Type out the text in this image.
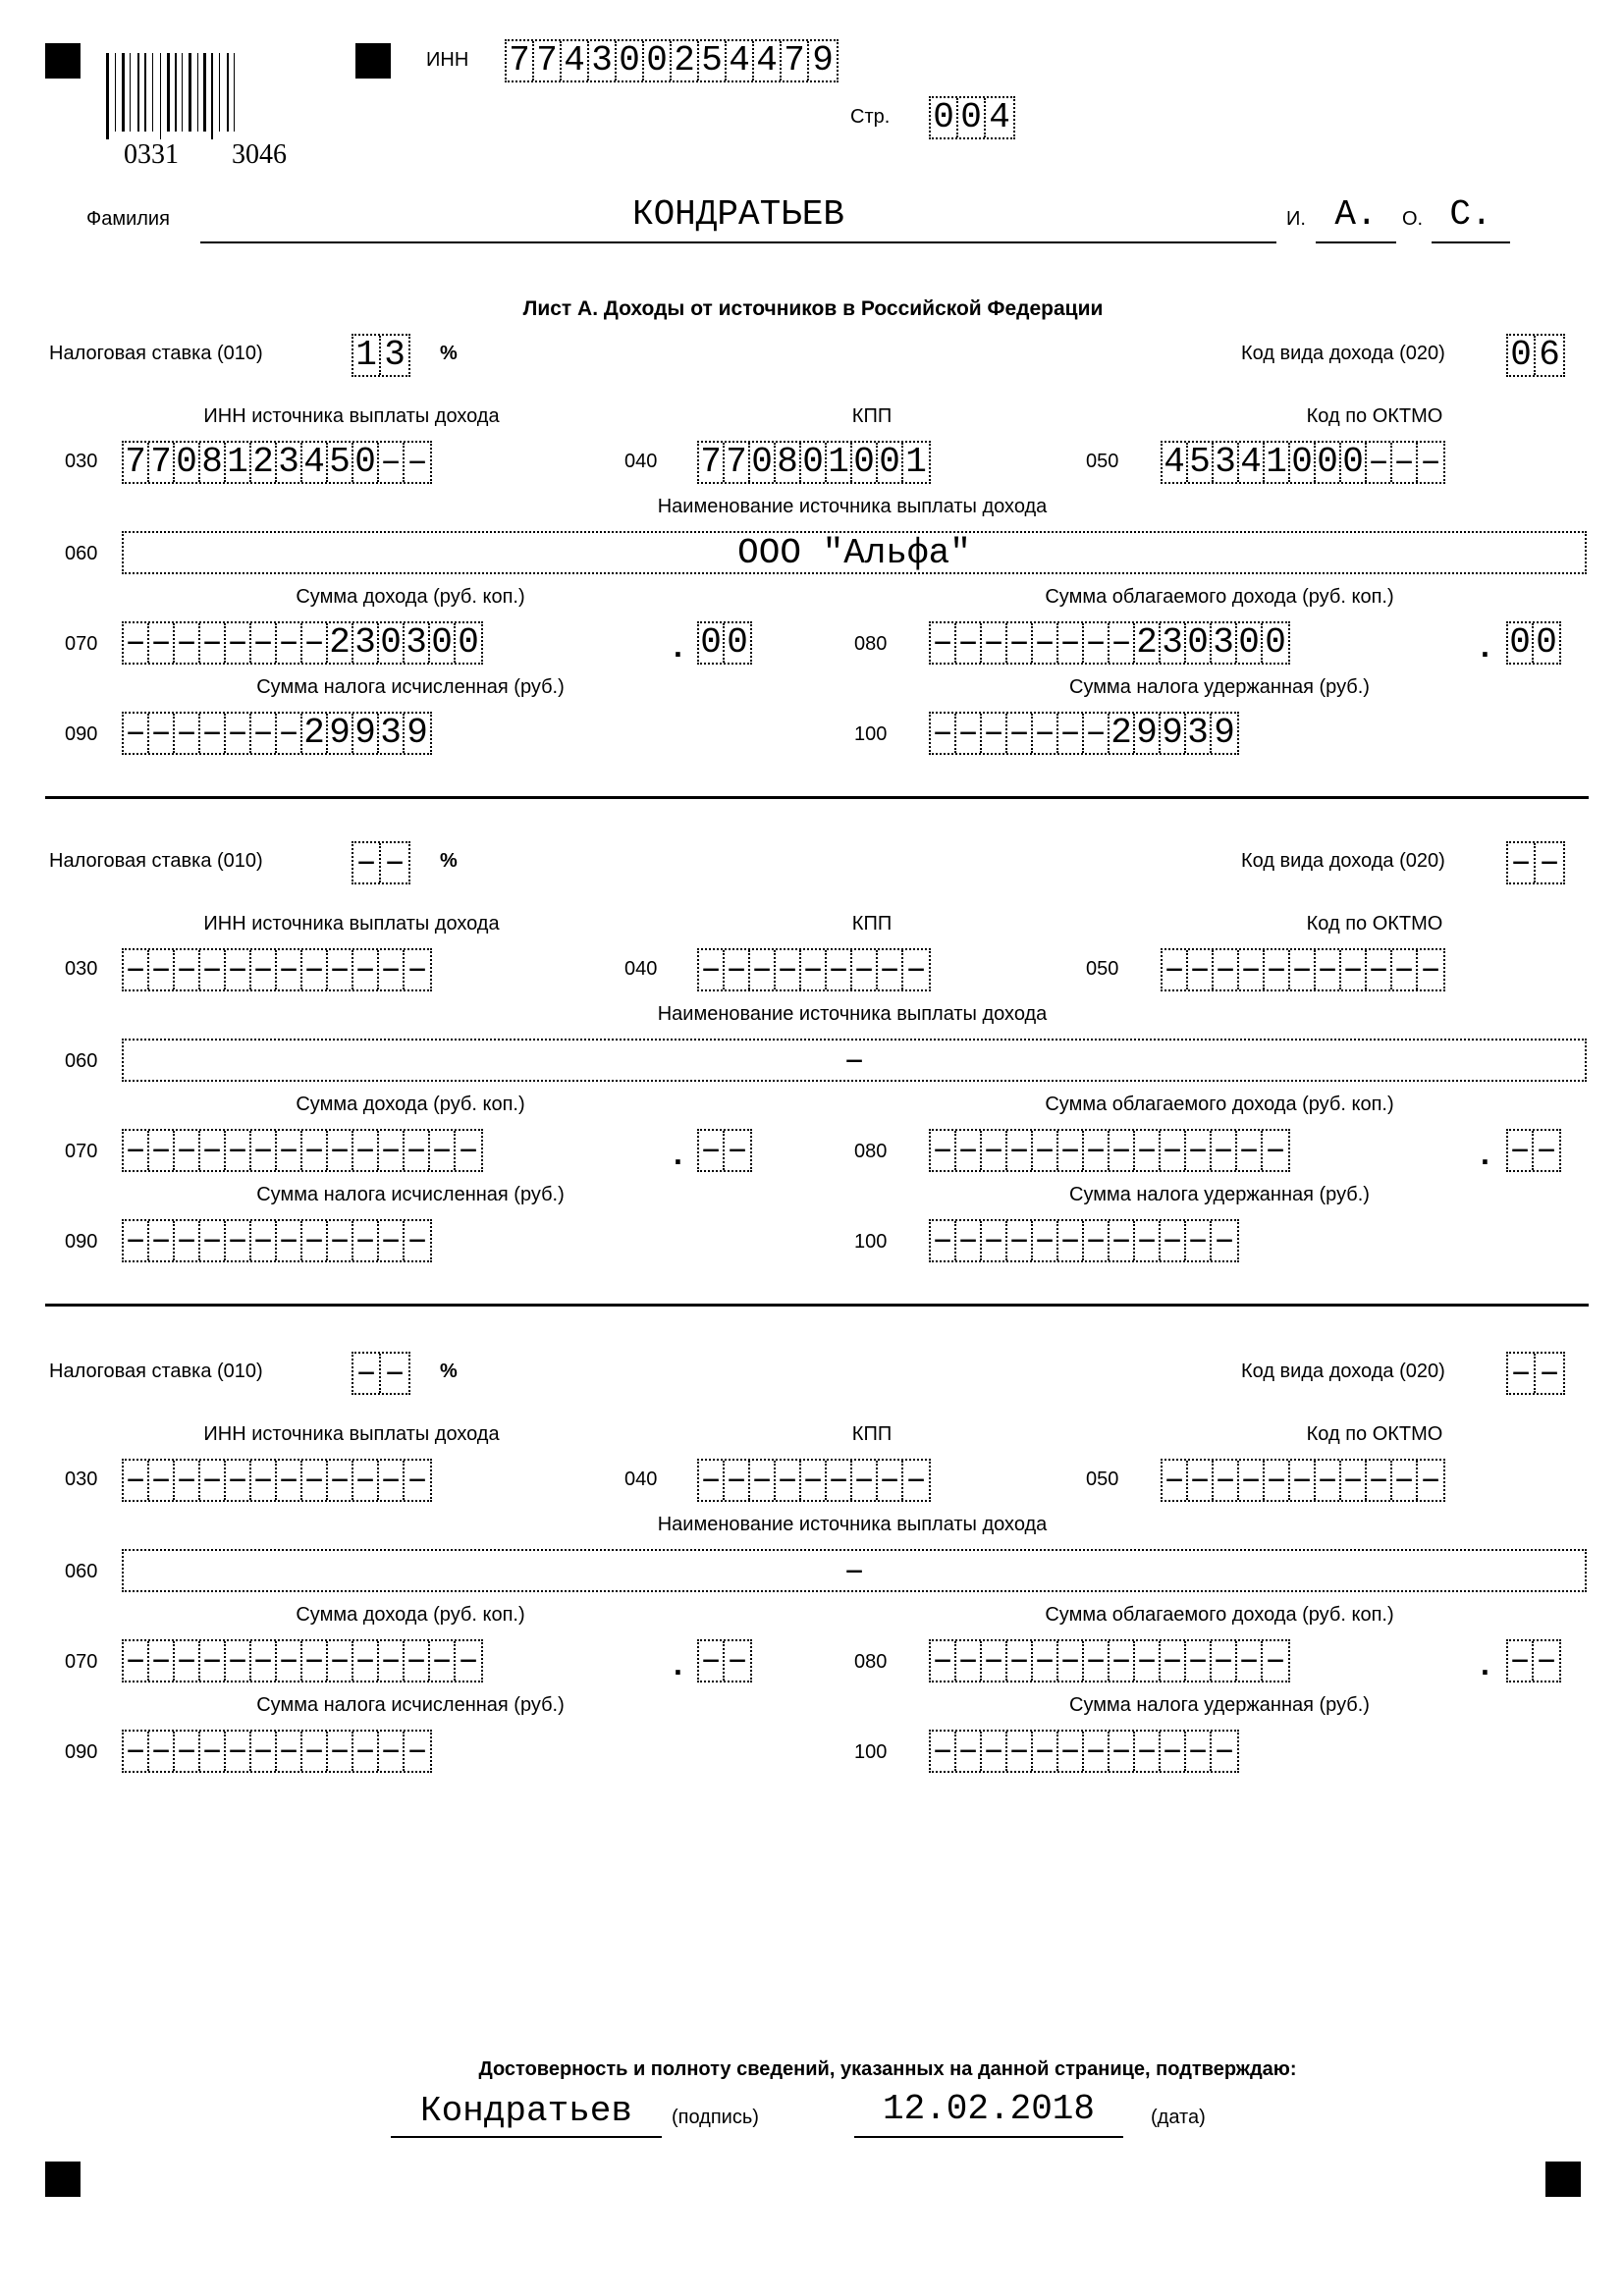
0331 3046
ИНН 7 7 4 3 0 0 2 5 4 4 7 9
Стр. 0 0 4
Фамилия	КОНДРАТЬЕВ	И. А.	О. С.
Лист А. Доходы от источников в Российской Федерации
Налоговая ставка (010)	1 3 %	Код вида дохода (020) 0 6
ИНН источника выплаты дохода	КПП	Код по ОКТМО
030 7 7 0 8 1 2 3 4 5 0 – –	040 7 7 0 8 0 1 0 0 1	050 4 5 3 4 1 0 0 0 – – –
Наименование источника выплаты дохода
060	ООО "Альфа"
Сумма дохода (руб. коп.)	Сумма облагаемого дохода (руб. коп.)
070 – – – – – – – – 2 3 0 3 0 0	. 0 0	080 – – – – – – – – 2 3 0 3 0 0	. 0 0
Сумма налога исчисленная (руб.)	Сумма налога удержанная (руб.)
090 – – – – – – – 2 9 9 3 9	100 – – – – – – – 2 9 9 3 9
Налоговая ставка (010)	– – %	Код вида дохода (020) – –
ИНН источника выплаты дохода	КПП	Код по ОКТМО
030 – – – – – – – – – – – –	040 – – – – – – – – –	050 – – – – – – – – – – –
Наименование источника выплаты дохода
060	–
Сумма дохода (руб. коп.)	Сумма облагаемого дохода (руб. коп.)
070 – – – – – – – – – – – – – –	. – –	080 – – – – – – – – – – – – – –	. – –
Сумма налога исчисленная (руб.)	Сумма налога удержанная (руб.)
090 – – – – – – – – – – – –	100 – – – – – – – – – – – –
Налоговая ставка (010)	– – %	Код вида дохода (020) – –
ИНН источника выплаты дохода	КПП	Код по ОКТМО
030 – – – – – – – – – – – –	040 – – – – – – – – –	050 – – – – – – – – – – –
Наименование источника выплаты дохода
060	–
Сумма дохода (руб. коп.)	Сумма облагаемого дохода (руб. коп.)
070 – – – – – – – – – – – – – –	. – –	080 – – – – – – – – – – – – – –	. – –
Сумма налога исчисленная (руб.)	Сумма налога удержанная (руб.)
090 – – – – – – – – – – – –	100 – – – – – – – – – – – –
Достоверность и полноту сведений, указанных на данной странице, подтверждаю:
Кондратьев	(подпись)	12.02.2018	(дата)
